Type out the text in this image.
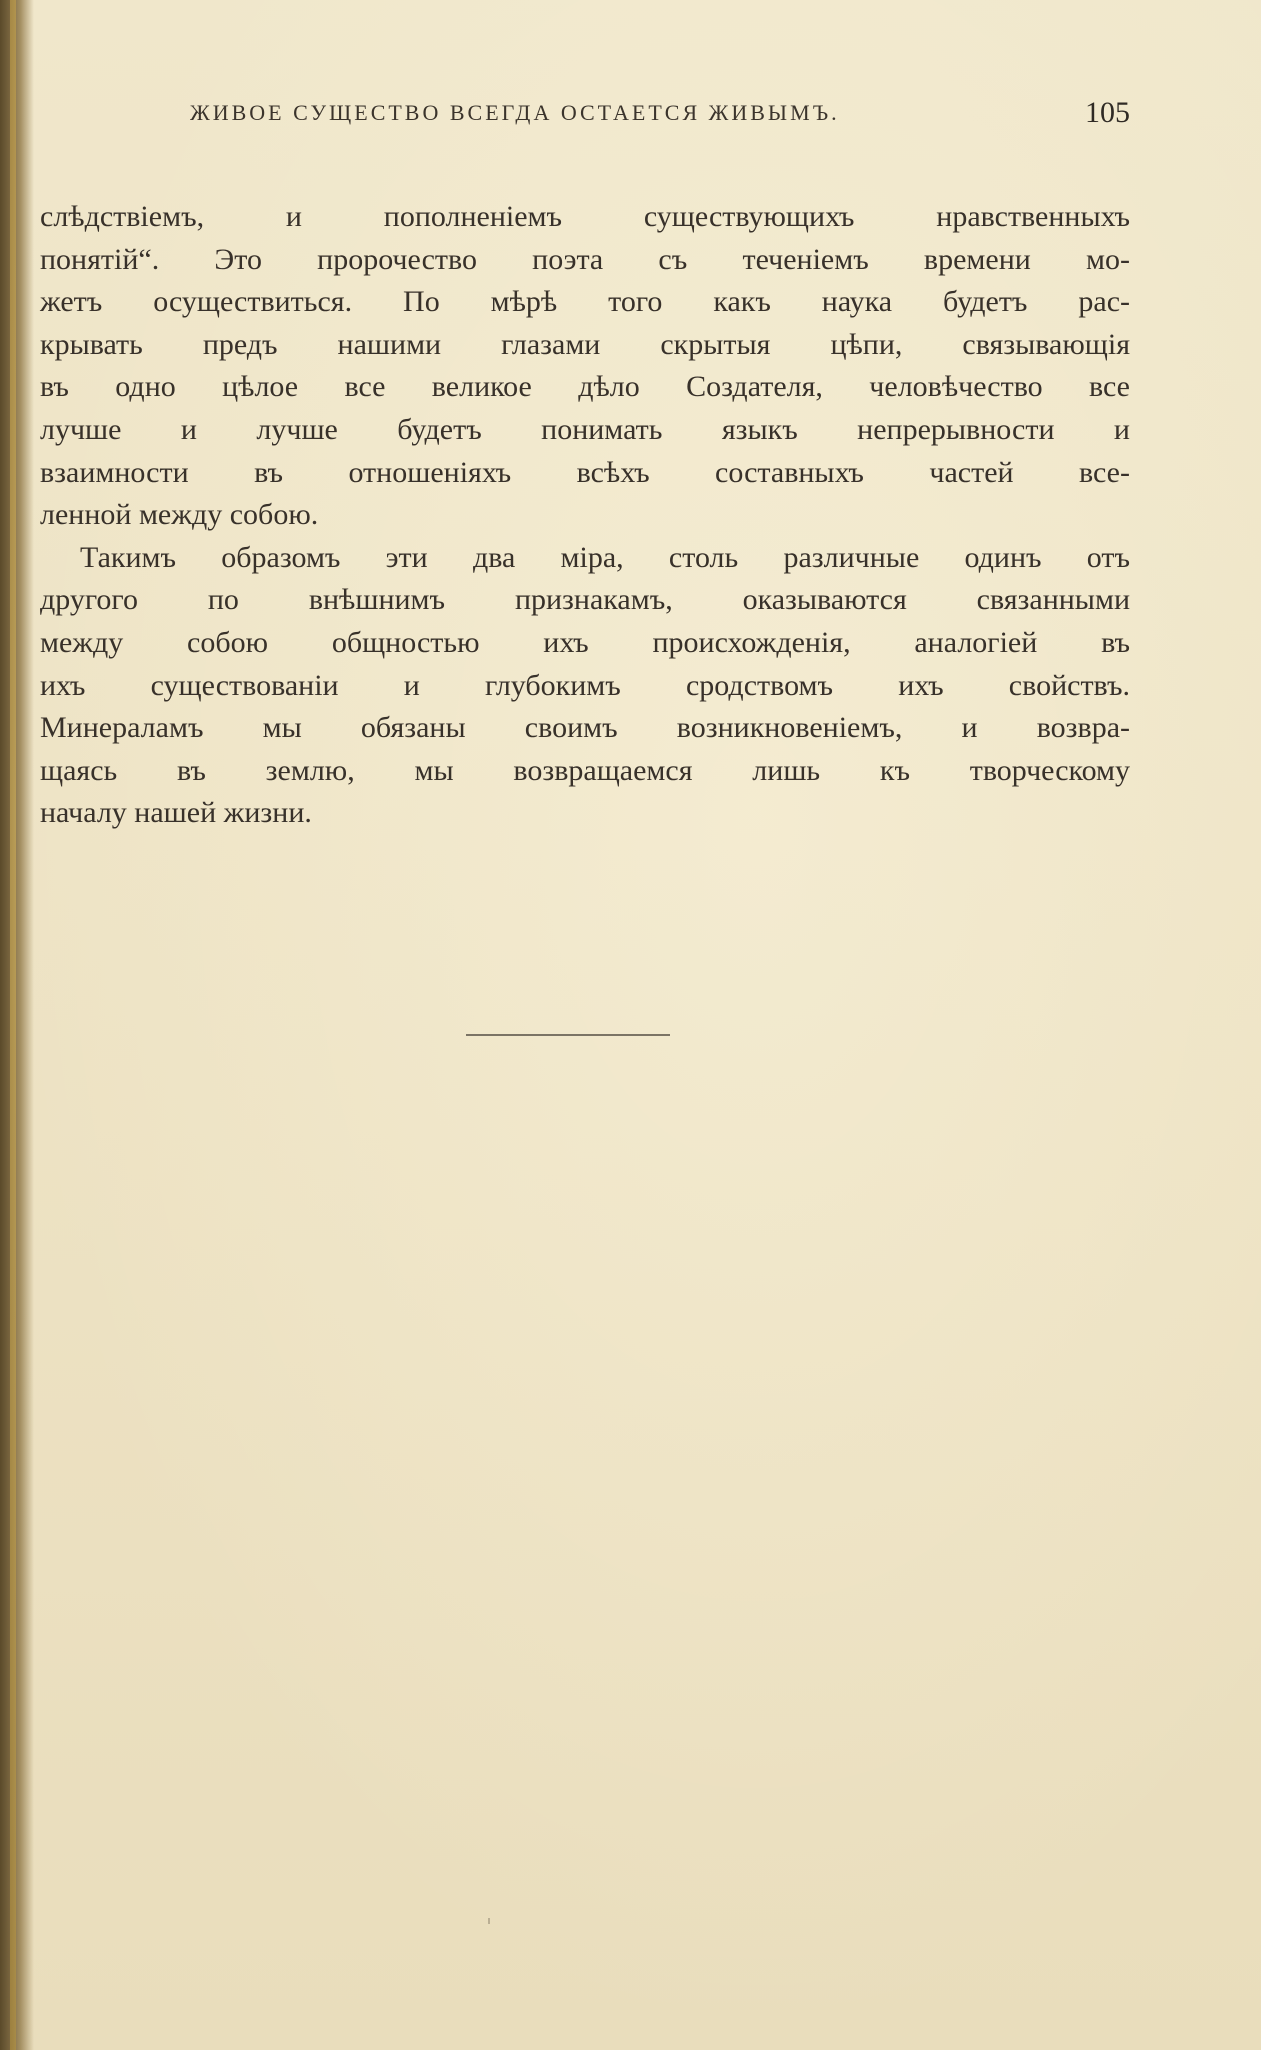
ЖИВОЕ СУЩЕСТВО ВСЕГДА ОСТАЕТСЯ ЖИВЫМЪ.	105
слѣдствіемъ, и пополненіемъ существующихъ нравственныхъ
понятій“. Это пророчество поэта съ теченіемъ времени мо-
жетъ осуществиться. По мѣрѣ того какъ наука будетъ рас-
крывать предъ нашими глазами скрытыя цѣпи, связывающія
въ одно цѣлое все великое дѣло Создателя, человѣчество все
лучше и лучше будетъ понимать языкъ непрерывности и
взаимности въ отношеніяхъ всѣхъ составныхъ частей все-
ленной между собою.
Такимъ образомъ эти два міра, столь различные одинъ отъ
другого по внѣшнимъ признакамъ, оказываются связанными
между собою общностью ихъ происхожденія, аналогіей въ
ихъ существованіи и глубокимъ сродствомъ ихъ свойствъ.
Минераламъ мы обязаны своимъ возникновеніемъ, и возвра-
щаясь въ землю, мы возвращаемся лишь къ творческому
началу нашей жизни.
